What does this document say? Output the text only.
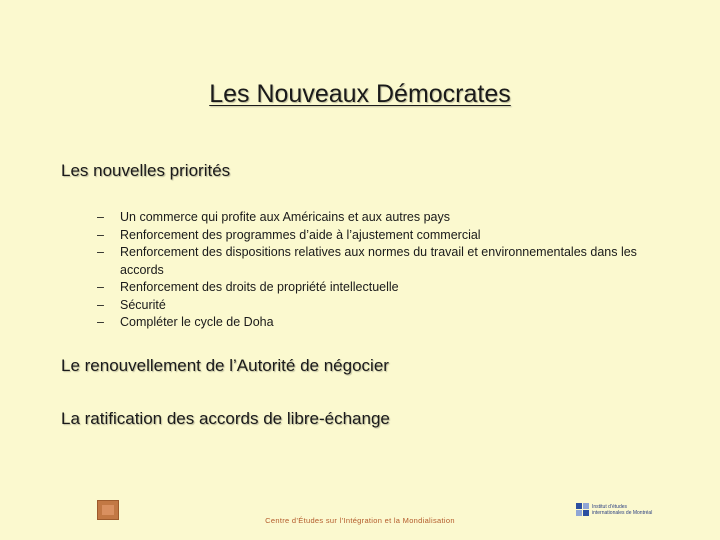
Les Nouveaux Démocrates
Les nouvelles priorités
– Un commerce qui profite aux Américains et aux autres pays
– Renforcement des programmes d’aide à l’ajustement commercial
– Renforcement des dispositions relatives aux normes du travail et environnementales dans les accords
– Renforcement des droits de propriété intellectuelle
– Sécurité
– Compléter le cycle de Doha
Le renouvellement de l’Autorité de négocier
La ratification des accords de libre-échange
Centre d’Études sur l’Intégration et la Mondialisation
Institut d’études
internationales de Montréal
